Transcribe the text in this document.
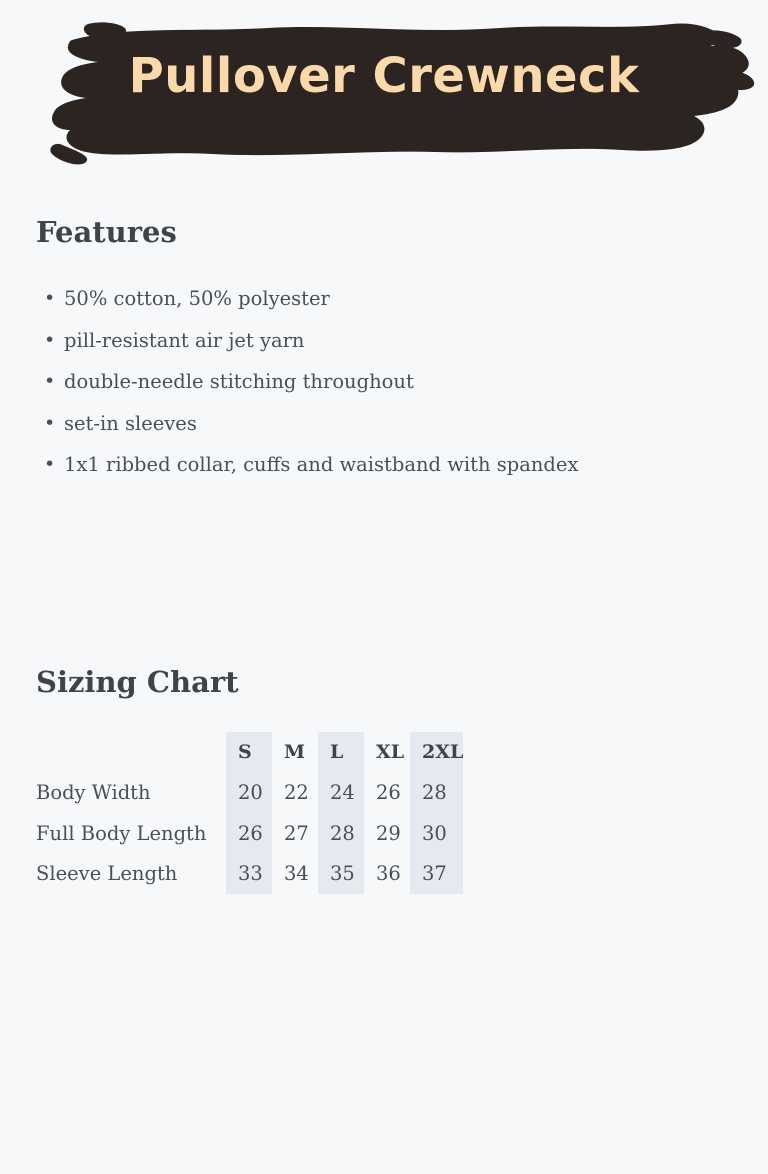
Pullover Crewneck
Features
• 50% cotton, 50% polyester
• pill-resistant air jet yarn
• double-needle stitching throughout
• set-in sleeves
• 1x1 ribbed collar, cuffs and waistband with spandex
Sizing Chart
	S	M	L	XL	2XL
Body Width	20	22	24	26	28
Full Body Length	26	27	28	29	30
Sleeve Length	33	34	35	36	37
